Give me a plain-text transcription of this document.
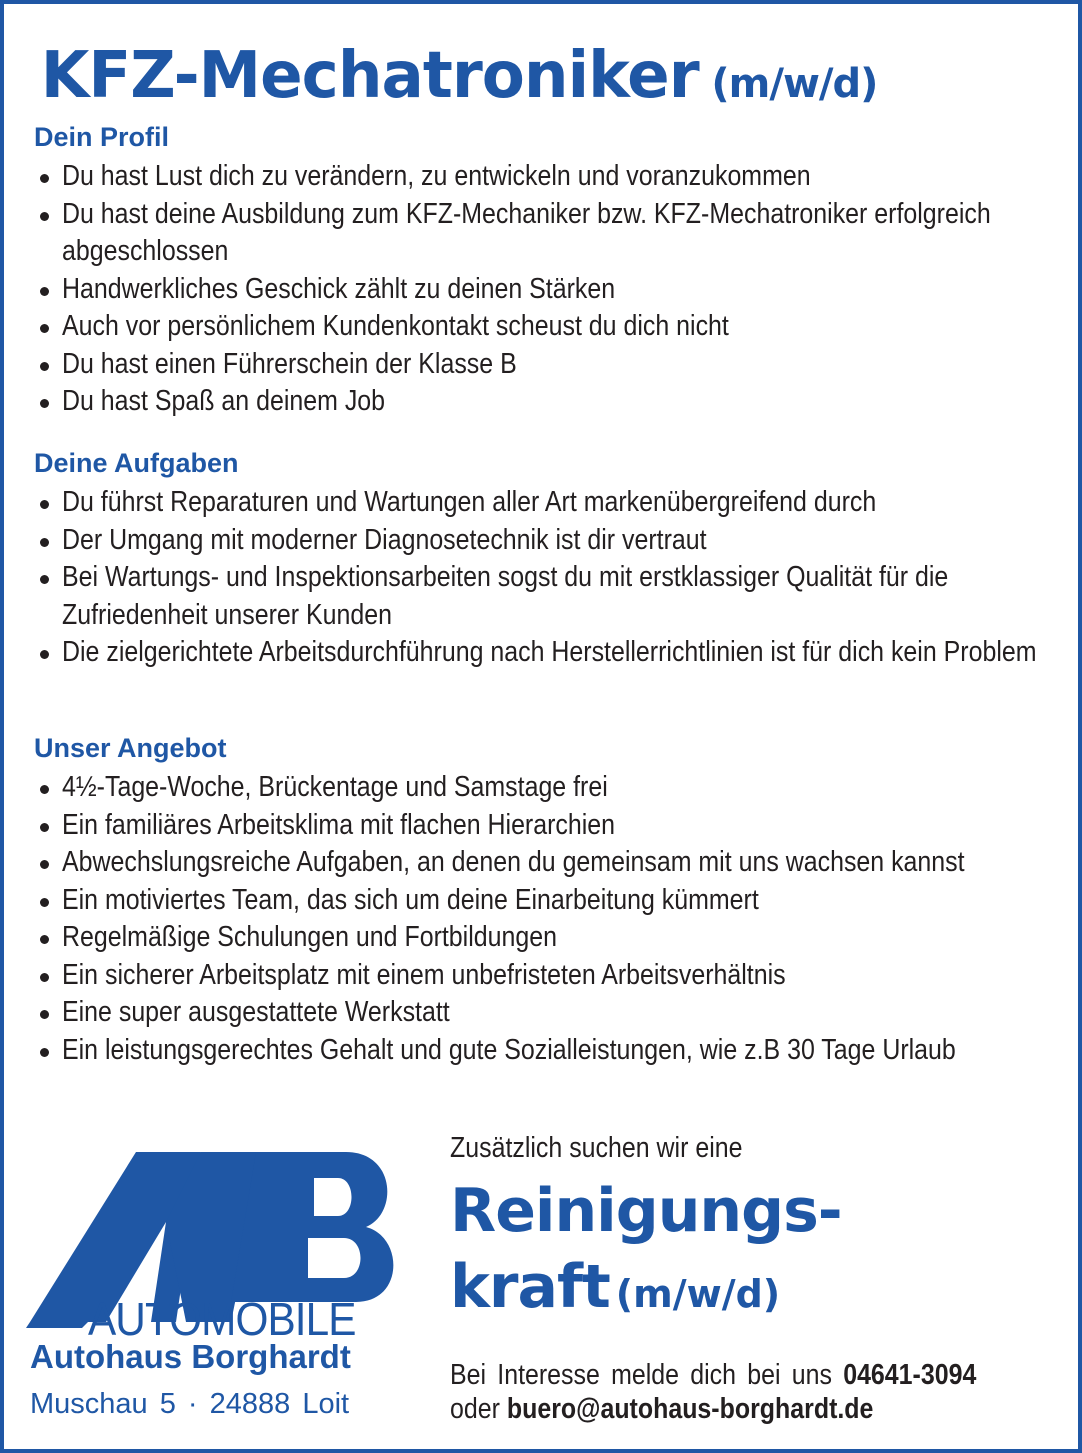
KFZ-Mechatroniker (m/w/d)
Dein Profil
Du hast Lust dich zu verändern, zu entwickeln und voranzukommen
Du hast deine Ausbildung zum KFZ-Mechaniker bzw. KFZ-Mechatroniker erfolgreich abgeschlossen
Handwerkliches Geschick zählt zu deinen Stärken
Auch vor persönlichem Kundenkontakt scheust du dich nicht
Du hast einen Führerschein der Klasse B
Du hast Spaß an deinem Job
Deine Aufgaben
Du führst Reparaturen und Wartungen aller Art markenübergreifend durch
Der Umgang mit moderner Diagnosetechnik ist dir vertraut
Bei Wartungs- und Inspektionsarbeiten sogst du mit erstklassiger Qualität für die Zufriedenheit unserer Kunden
Die zielgerichtete Arbeitsdurchführung nach Herstellerrichtlinien ist für dich kein Problem
Unser Angebot
4½-Tage-Woche, Brückentage und Samstage frei
Ein familiäres Arbeitsklima mit flachen Hierarchien
Abwechslungsreiche Aufgaben, an denen du gemeinsam mit uns wachsen kannst
Ein motiviertes Team, das sich um deine Einarbeitung kümmert
Regelmäßige Schulungen und Fortbildungen
Ein sicherer Arbeitsplatz mit einem unbefristeten Arbeitsverhältnis
Eine super ausgestattete Werkstatt
Ein leistungsgerechtes Gehalt und gute Sozialleistungen, wie z.B 30 Tage Urlaub
AUTOMOBILE
Autohaus Borghardt
Muschau 5 · 24888 Loit
Zusätzlich suchen wir eine
Reinigungs-
kraft (m/w/d)
Bei Interesse melde dich bei uns 04641-3094
oder buero@autohaus-borghardt.de
